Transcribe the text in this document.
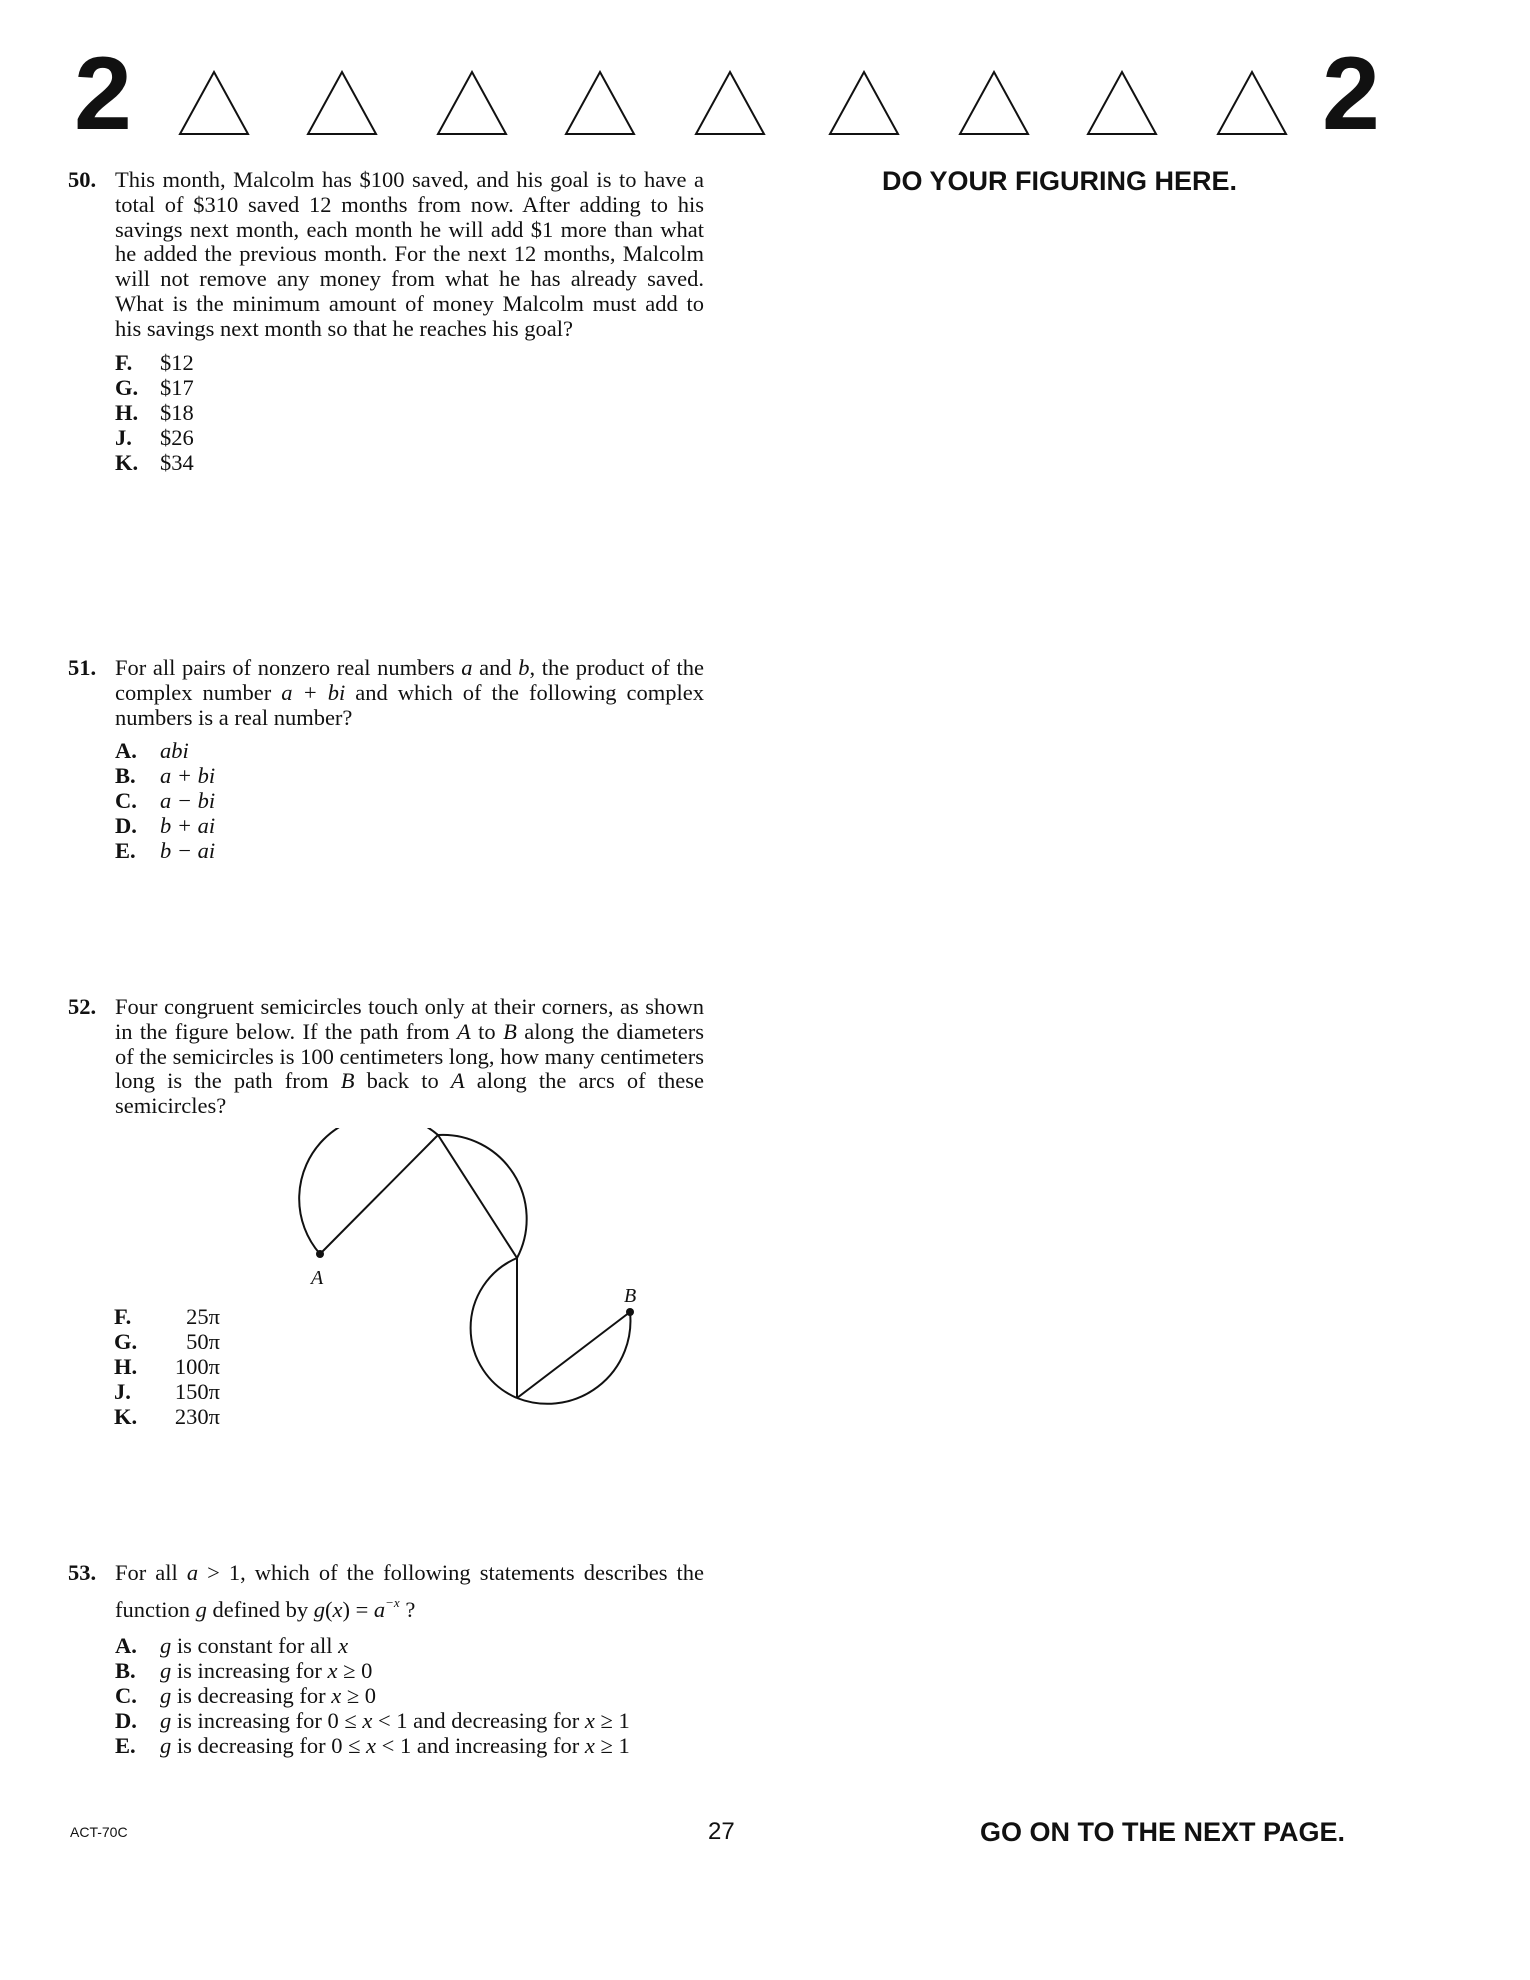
2	2
DO YOUR FIGURING HERE.
50. This month, Malcolm has $100 saved, and his goal is to have a total of $310 saved 12 months from now. After adding to his savings next month, each month he will add $1 more than what he added the previous month. For the next 12 months, Malcolm will not remove any money from what he has already saved. What is the minimum amount of money Malcolm must add to his savings next month so that he reaches his goal?
F.	$12
G. $17
H. $18
J.	$26
K. $34
51. For all pairs of nonzero real numbers a and b, the product of the complex number a + bi and which of the following complex numbers is a real number?
A.	abi
B.	a + bi
C.	a − bi
D.	b + ai
E.	b − ai
52. Four congruent semicircles touch only at their corners, as shown in the figure below. If the path from A to B along the diameters of the semicircles is 100 centimeters long, how many centimeters long is the path from B back to A along the arcs of these semicircles?
A
B
F.	25π
G.	50π
H.	100π
J.	150π
K.	230π
53. For all a > 1, which of the following statements describes the function g defined by $g(x) = a^{-x}$ ?
A.	g is constant for all x
B.	g is increasing for x ≥ 0
C.	g is decreasing for x ≥ 0
D.	g is increasing for 0 ≤ x < 1 and decreasing for x ≥ 1
E.	g is decreasing for 0 ≤ x < 1 and increasing for x ≥ 1
ACT-70C	27	GO ON TO THE NEXT PAGE.
